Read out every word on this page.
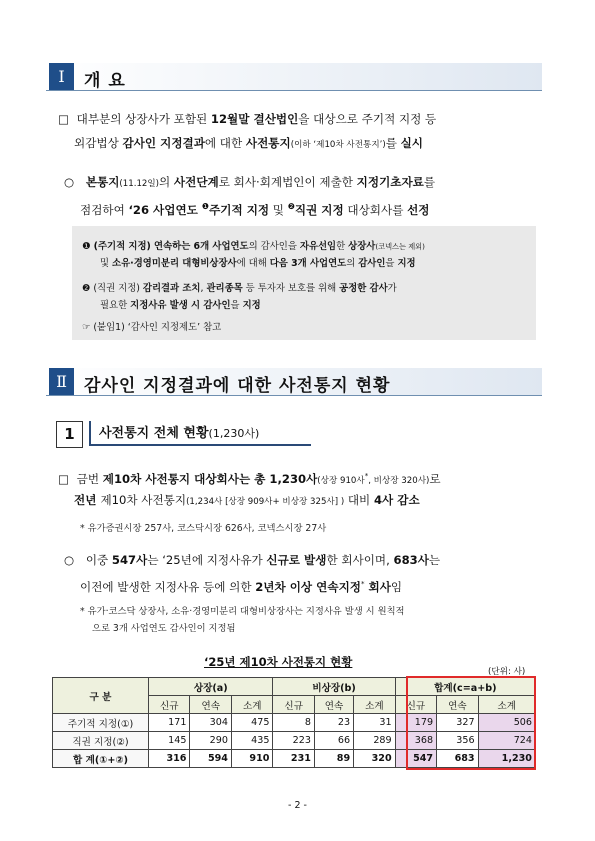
Ⅰ	개 요
□ 대부분의 상장사가 포함된 12월말 결산법인을 대상으로 주기적 지정 등
외감법상 감사인 지정결과에 대한 사전통지(이하 ‘제10차 사전통지’)를 실시
○ 본통지(11.12일)의 사전단계로 회사·회계법인이 제출한 지정기초자료를
점검하여 ‘26 사업연도 $^❶$주기적 지정 및 $^❷$직권 지정 대상회사를 선정
❶ (주기적 지정) 연속하는 6개 사업연도의 감사인을 자유선임한 상장사(코넥스는 제외)
및 소유·경영미분리 대형비상장사에 대해 다음 3개 사업연도의 감사인을 지정
❷ (직권 지정) 감리결과 조치, 관리종목 등 투자자 보호를 위해 공정한 감사가
필요한 지정사유 발생 시 감사인을 지정
☞ (붙임1) ‘감사인 지정제도’ 참고
Ⅱ	감사인 지정결과에 대한 사전통지 현황
1	사전통지 전체 현황(1,230사)
□ 금번 제10차 사전통지 대상회사는 총 1,230사(상장 910사*, 비상장 320사)로
전년 제10차 사전통지(1,234사 [상장 909사+ 비상장 325사] ) 대비 4사 감소
* 유가증권시장 257사, 코스닥시장 626사, 코넥스시장 27사
○ 이중 547사는 ‘25년에 지정사유가 신규로 발생한 회사이며, 683사는
이전에 발생한 지정사유 등에 의한 2년차 이상 연속지정* 회사임
* 유가·코스닥 상장사, 소유·경영미분리 대형비상장사는 지정사유 발생 시 원칙적
으로 3개 사업연도 감사인이 지정됨
‘25년 제10차 사전통지 현황
(단위: 사)
구 분	상장(a)			비상장(b)			합계(c=a+b)		
	신규	연속	소계	신규	연속	소계	신규	연속	소계
주기적 지정(①)	171	304	475	8	23	31	179	327	506
직권 지정(②)	145	290	435	223	66	289	368	356	724
합 계(①+②)	316	594	910	231	89	320	547	683	1,230
- 2 -
